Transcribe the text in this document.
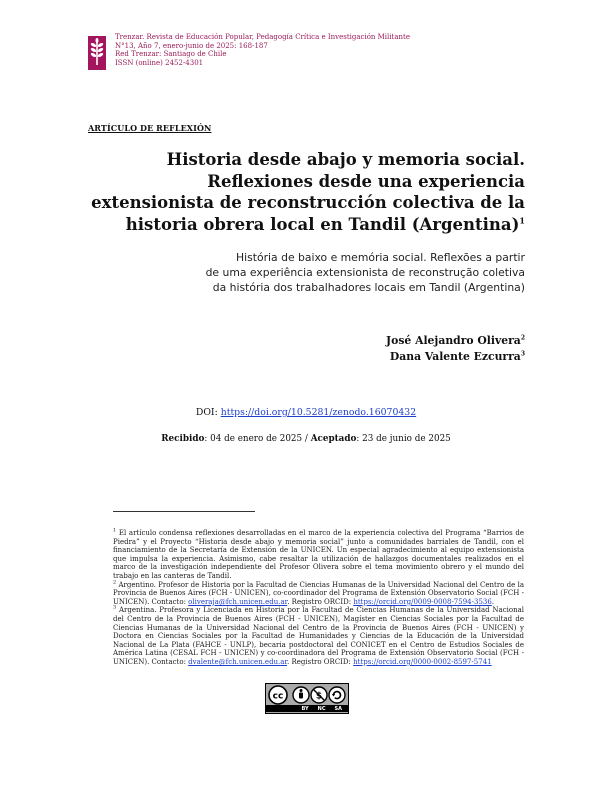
Trenzar. Revista de Educación Popular, Pedagogía Crítica e Investigación Militante
N°13, Año 7, enero-junio de 2025: 168-187
Red Trenzar: Santiago de Chile
ISSN (online) 2452-4301
ARTÍCULO DE REFLEXIÓN
Historia desde abajo y memoria social.
Reflexiones desde una experiencia
extensionista de reconstrucción colectiva de la
historia obrera local en Tandil (Argentina)$^1$
História de baixo e memória social. Reflexões a partir
de uma experiência extensionista de reconstrução coletiva
da história dos trabalhadores locais em Tandil (Argentina)
José Alejandro Olivera$^2$
Dana Valente Ezcurra$^3$
DOI: https://doi.org/10.5281/zenodo.16070432
Recibido: 04 de enero de 2025 / Aceptado: 23 de junio de 2025

$^1$ El artículo condensa reflexiones desarrolladas en el marco de la experiencia colectiva del Programa “Barrios de Piedra” y el Proyecto “Historia desde abajo y memoria social” junto a comunidades barriales de Tandil, con el financiamiento de la Secretaría de Extensión de la UNICEN. Un especial agradecimiento al equipo extensionista que impulsa la experiencia. Asimismo, cabe resaltar la utilización de hallazgos documentales realizados en el marco de la investigación independiente del Profesor Olivera sobre el tema movimiento obrero y el mundo del trabajo en las canteras de Tandil.

$^2$ Argentino. Profesor de Historia por la Facultad de Ciencias Humanas de la Universidad Nacional del Centro de la Provincia de Buenos Aires (FCH - UNICEN), co-coordinador del Programa de Extensión Observatorio Social (FCH - UNICEN). Contacto: oliveraja@fch.unicen.edu.ar. Registro ORCID: https://orcid.org/0009-0008-7594-3536.

$^3$ Argentina. Profesora y Licenciada en Historia por la Facultad de Ciencias Humanas de la Universidad Nacional del Centro de la Provincia de Buenos Aires (FCH - UNICEN), Magíster en Ciencias Sociales por la Facultad de Ciencias Humanas de la Universidad Nacional del Centro de la Provincia de Buenos Aires (FCH - UNICEN) y Doctora en Ciencias Sociales por la Facultad de Humanidades y Ciencias de la Educación de la Universidad Nacional de La Plata (FAHCE - UNLP), becaria postdoctoral del CONICET en el Centro de Estudios Sociales de América Latina (CESAL FCH - UNICEN) y co-coordinadora del Programa de Extensión Observatorio Social (FCH - UNICEN). Contacto: dvalente@fch.unicen.edu.ar. Registro ORCID: https://orcid.org/0000-0002-8597-5741

cc	$
BY NC SA
